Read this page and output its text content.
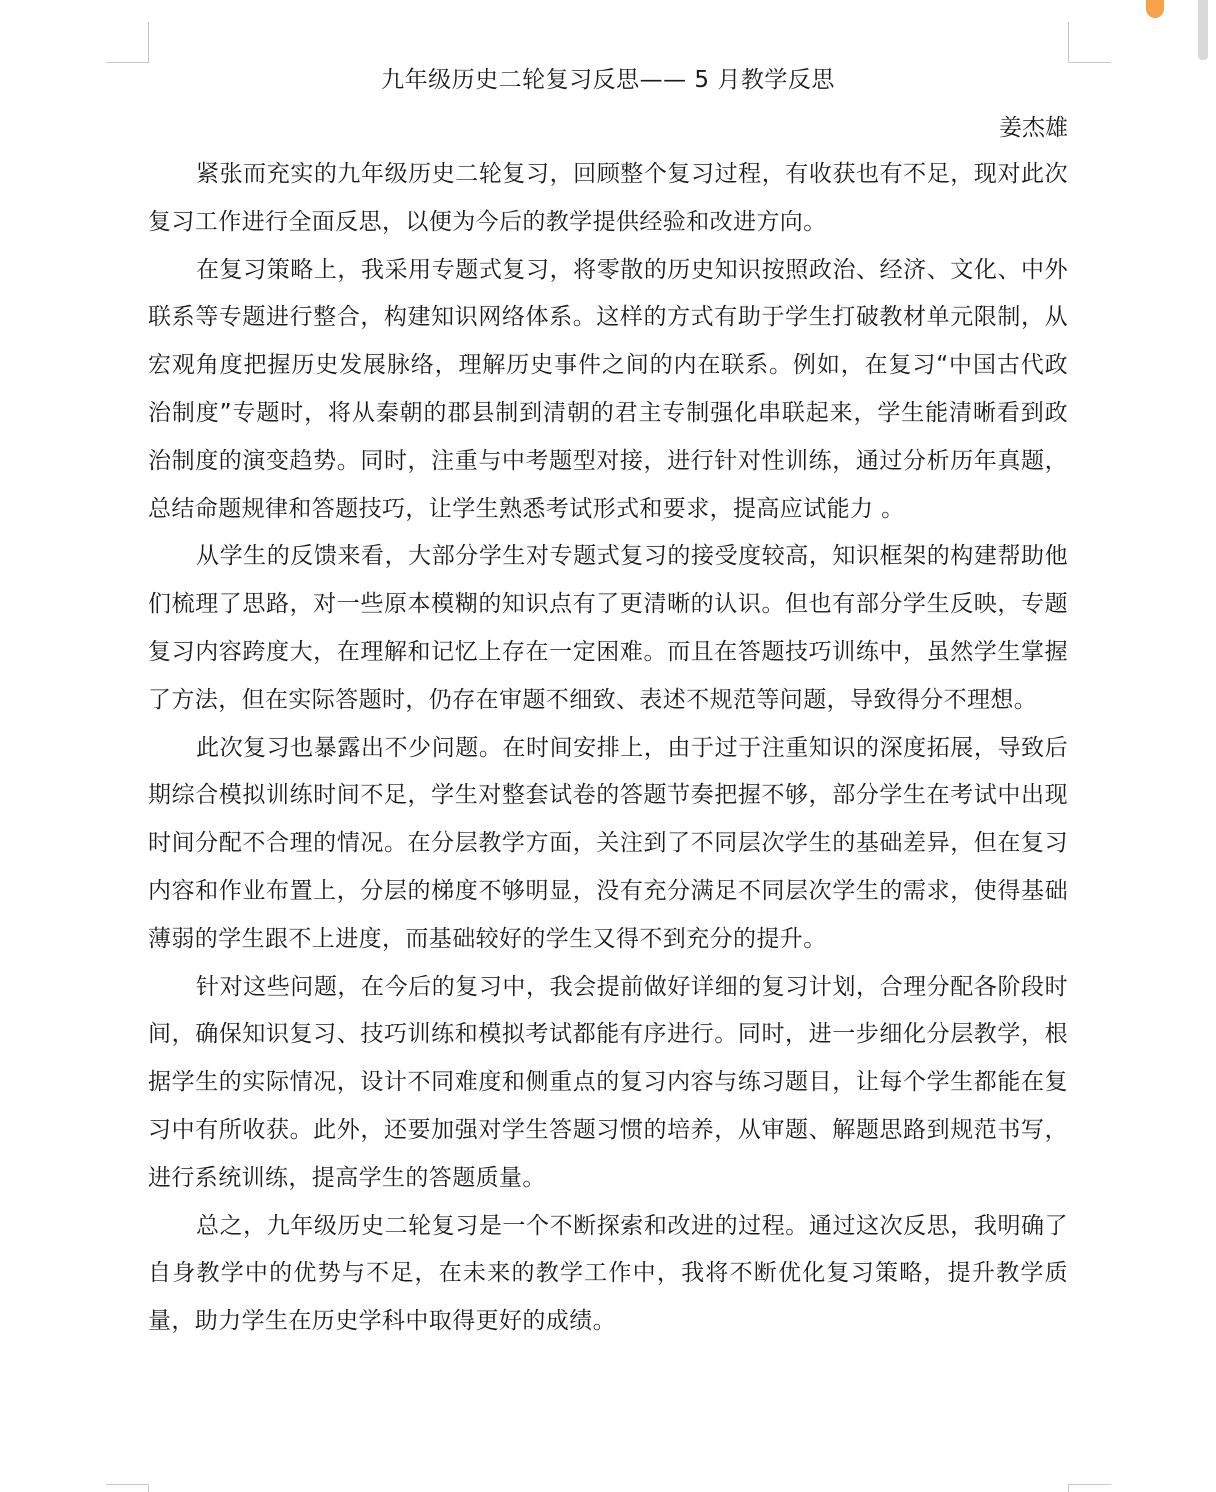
九年级历史二轮复习反思—— 5 月教学反思
姜杰雄

紧张而充实的九年级历史二轮复习，回顾整个复习过程，有收获也有不足，现对此次复习工作进行全面反思，以便为今后的教学提供经验和改进方向。

在复习策略上，我采用专题式复习，将零散的历史知识按照政治、经济、文化、中外联系等专题进行整合，构建知识网络体系。这样的方式有助于学生打破教材单元限制，从宏观角度把握历史发展脉络，理解历史事件之间的内在联系。例如，在复习“中国古代政治制度”专题时，将从秦朝的郡县制到清朝的君主专制强化串联起来，学生能清晰看到政治制度的演变趋势。同时，注重与中考题型对接，进行针对性训练，通过分析历年真题，总结命题规律和答题技巧，让学生熟悉考试形式和要求，提高应试能力 。

从学生的反馈来看，大部分学生对专题式复习的接受度较高，知识框架的构建帮助他们梳理了思路，对一些原本模糊的知识点有了更清晰的认识。但也有部分学生反映，专题复习内容跨度大，在理解和记忆上存在一定困难。而且在答题技巧训练中，虽然学生掌握了方法，但在实际答题时，仍存在审题不细致、表述不规范等问题，导致得分不理想。

此次复习也暴露出不少问题。在时间安排上，由于过于注重知识的深度拓展，导致后期综合模拟训练时间不足，学生对整套试卷的答题节奏把握不够，部分学生在考试中出现时间分配不合理的情况。在分层教学方面，关注到了不同层次学生的基础差异，但在复习内容和作业布置上，分层的梯度不够明显，没有充分满足不同层次学生的需求，使得基础薄弱的学生跟不上进度，而基础较好的学生又得不到充分的提升。

针对这些问题，在今后的复习中，我会提前做好详细的复习计划，合理分配各阶段时间，确保知识复习、技巧训练和模拟考试都能有序进行。同时，进一步细化分层教学，根据学生的实际情况，设计不同难度和侧重点的复习内容与练习题目，让每个学生都能在复习中有所收获。此外，还要加强对学生答题习惯的培养，从审题、解题思路到规范书写，进行系统训练，提高学生的答题质量。

总之，九年级历史二轮复习是一个不断探索和改进的过程。通过这次反思，我明确了自身教学中的优势与不足，在未来的教学工作中，我将不断优化复习策略，提升教学质量，助力学生在历史学科中取得更好的成绩。
